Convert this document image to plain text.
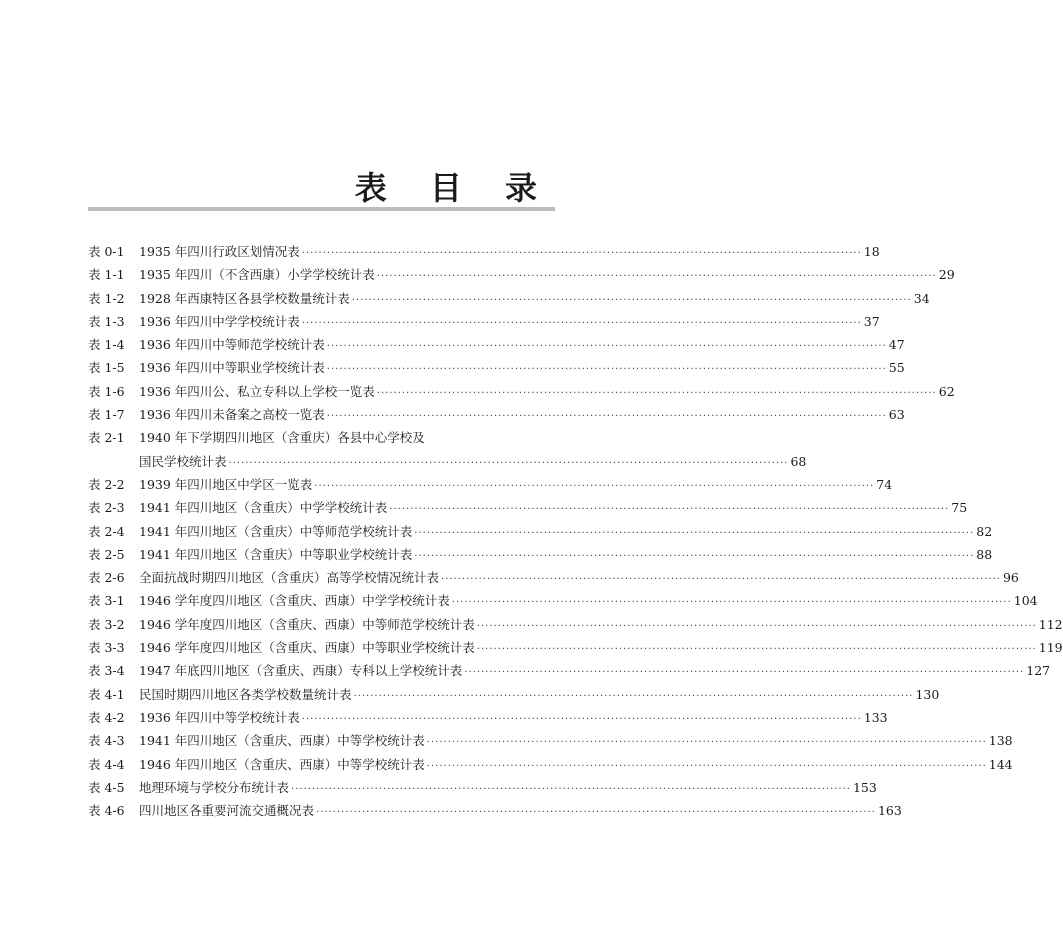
表 目 录
表 0-1 1935 年四川行政区划情况表 ······································································································································ 18
表 1-1 1935 年四川（不含西康）小学学校统计表 ······································································································································ 29
表 1-2 1928 年西康特区各县学校数量统计表 ······································································································································ 34
表 1-3 1936 年四川中学学校统计表 ······································································································································ 37
表 1-4 1936 年四川中等师范学校统计表 ······································································································································ 47
表 1-5 1936 年四川中等职业学校统计表 ······································································································································ 55
表 1-6 1936 年四川公、私立专科以上学校一览表 ······································································································································ 62
表 1-7 1936 年四川未备案之高校一览表 ······································································································································ 63
表 2-1 1940 年下学期四川地区（含重庆）各县中心学校及
国民学校统计表 ······································································································································ 68
表 2-2 1939 年四川地区中学区一览表 ······································································································································ 74
表 2-3 1941 年四川地区（含重庆）中学学校统计表 ······································································································································ 75
表 2-4 1941 年四川地区（含重庆）中等师范学校统计表 ······································································································································ 82
表 2-5 1941 年四川地区（含重庆）中等职业学校统计表 ······································································································································ 88
表 2-6 全面抗战时期四川地区（含重庆）高等学校情况统计表 ······································································································································ 96
表 3-1 1946 学年度四川地区（含重庆、西康）中学学校统计表 ······································································································································ 104
表 3-2 1946 学年度四川地区（含重庆、西康）中等师范学校统计表 ······································································································································ 112
表 3-3 1946 学年度四川地区（含重庆、西康）中等职业学校统计表 ······································································································································ 119
表 3-4 1947 年底四川地区（含重庆、西康）专科以上学校统计表 ······································································································································ 127
表 4-1 民国时期四川地区各类学校数量统计表 ······································································································································ 130
表 4-2 1936 年四川中等学校统计表 ······································································································································ 133
表 4-3 1941 年四川地区（含重庆、西康）中等学校统计表 ······································································································································ 138
表 4-4 1946 年四川地区（含重庆、西康）中等学校统计表 ······································································································································ 144
表 4-5 地理环境与学校分布统计表 ······································································································································ 153
表 4-6 四川地区各重要河流交通概况表 ······································································································································ 163
